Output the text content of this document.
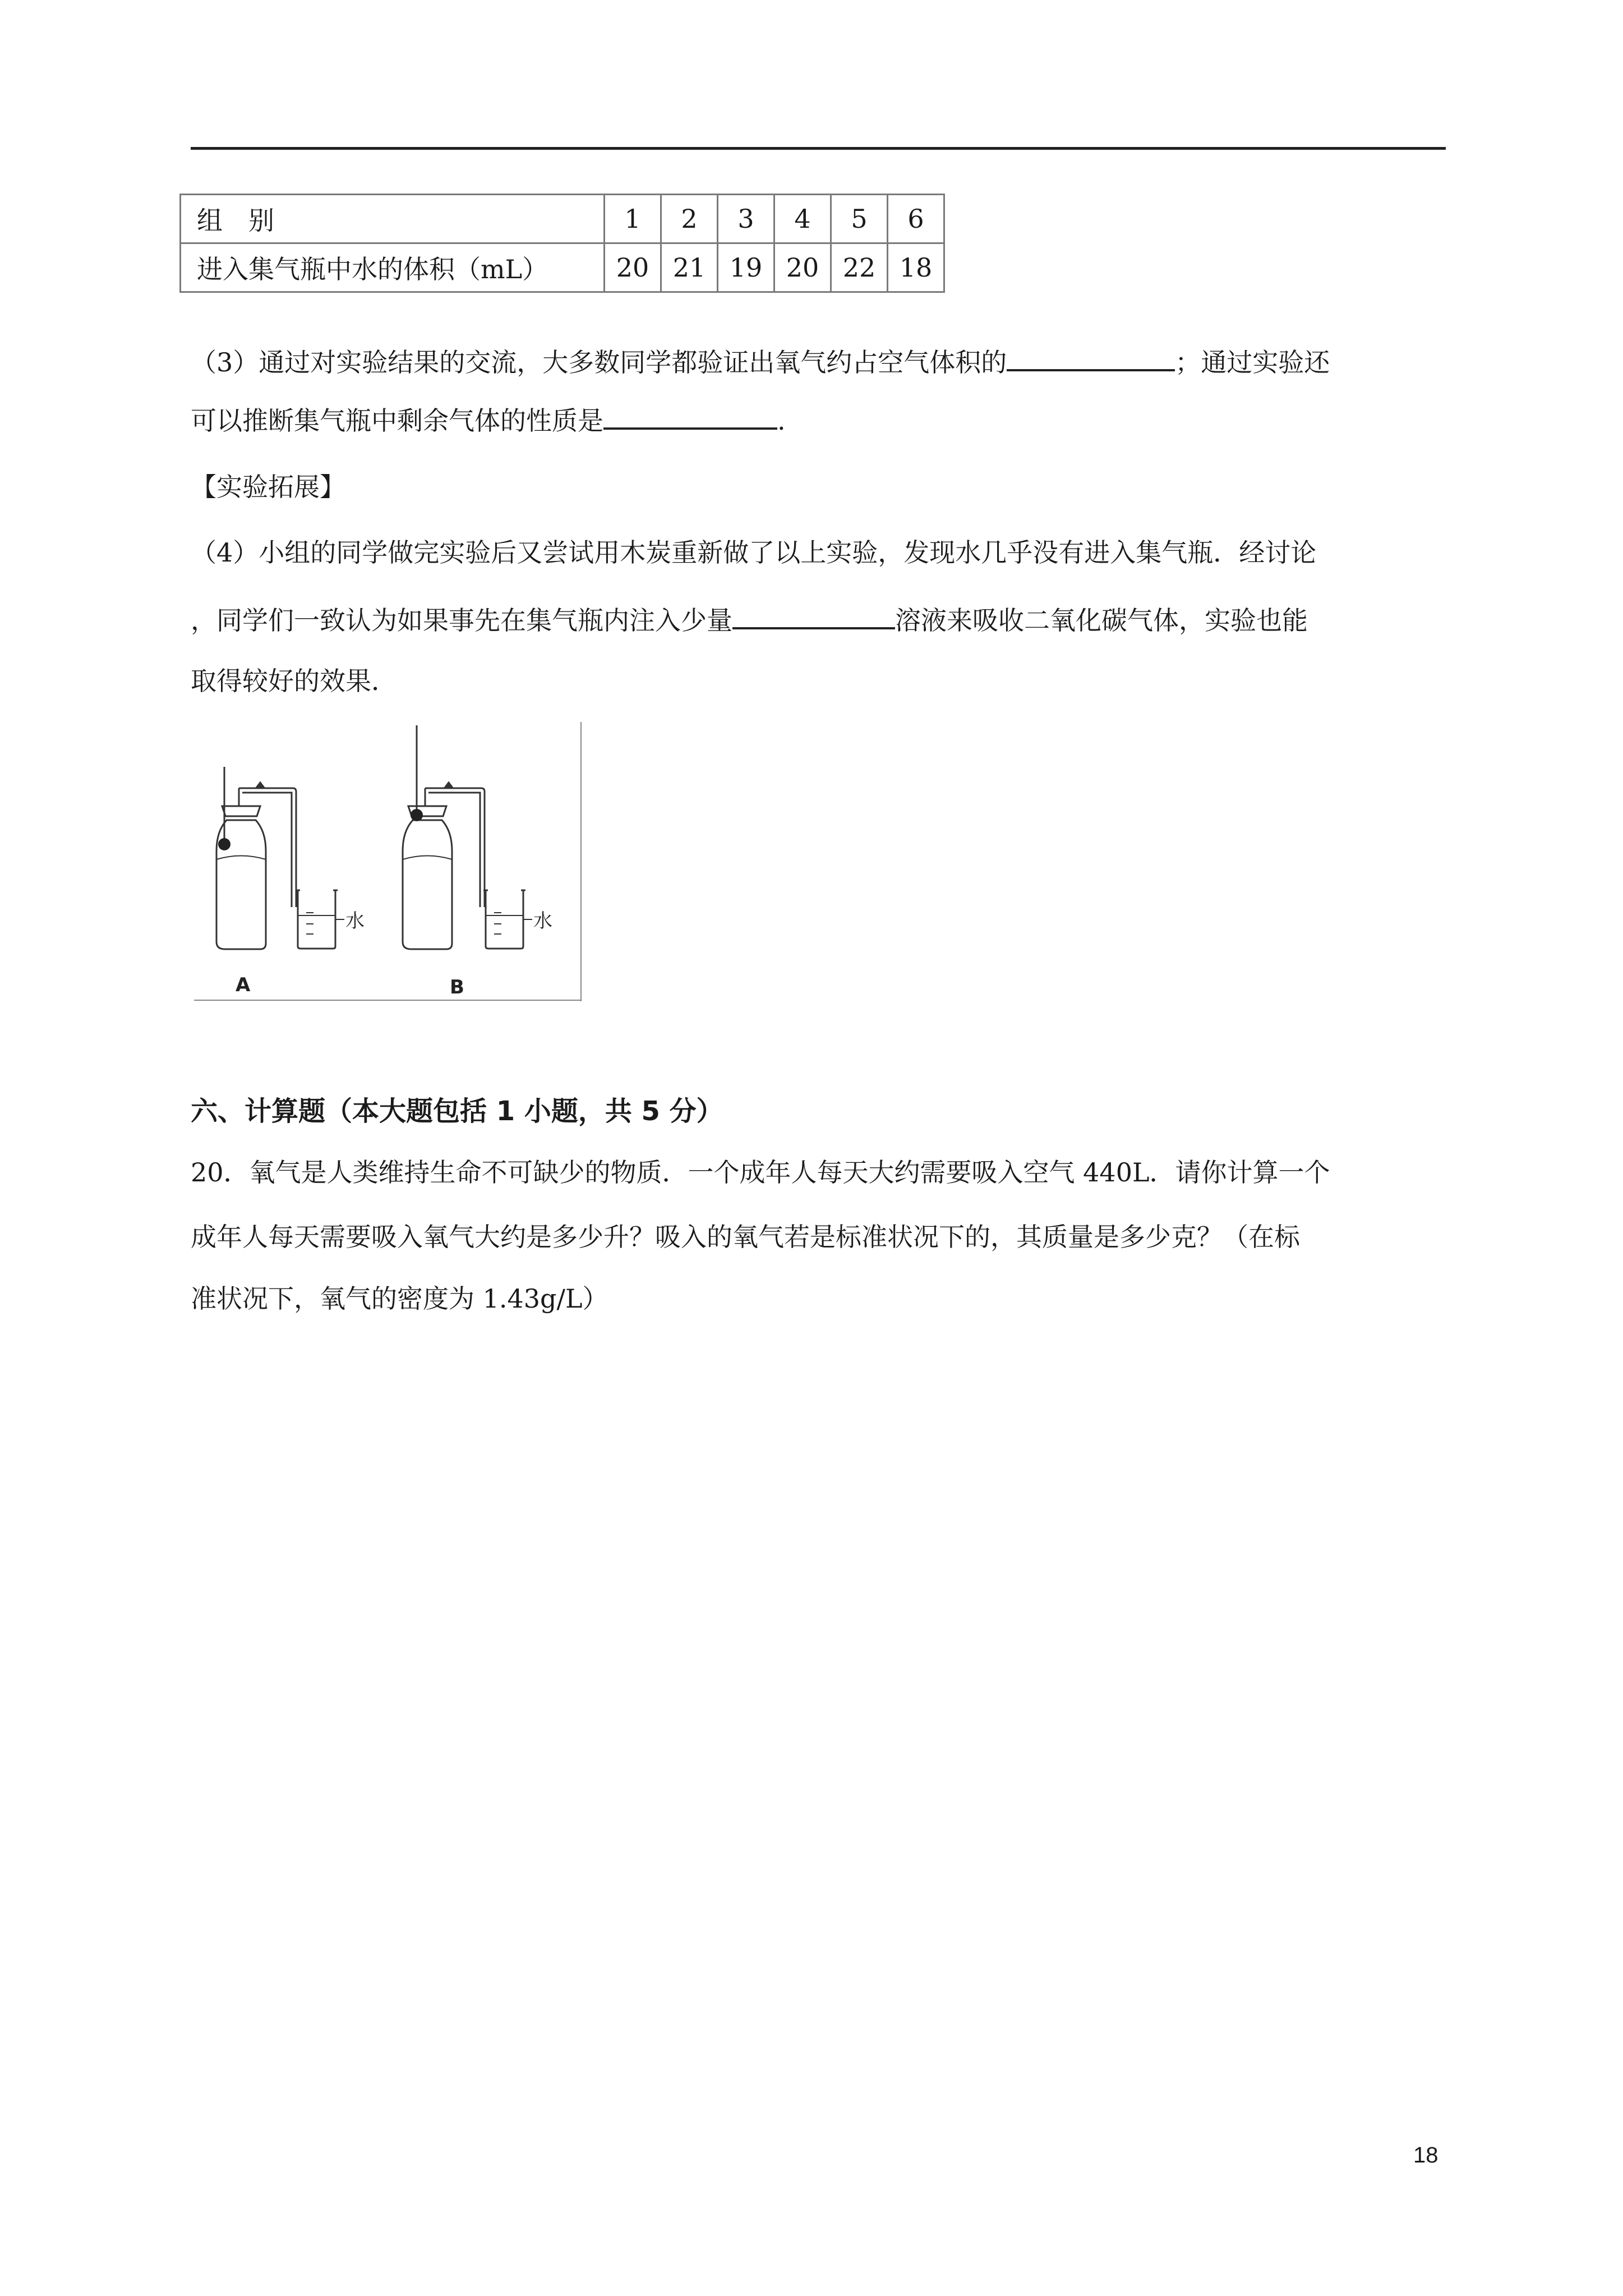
组　别	1	2	3	4	5	6
进入集气瓶中水的体积（mL）	20	21	19	20	22	18
（3）通过对实验结果的交流，大多数同学都验证出氧气约占空气体积的	；通过实验还
可以推断集气瓶中剩余气体的性质是	.
【实验拓展】
（4）小组的同学做完实验后又尝试用木炭重新做了以上实验，发现水几乎没有进入集气瓶．经讨论
，同学们一致认为如果事先在集气瓶内注入少量	溶液来吸收二氧化碳气体，实验也能
取得较好的效果．
水	水
A	B
六、计算题（本大题包括 1 小题，共 5 分）
20．氧气是人类维持生命不可缺少的物质．一个成年人每天大约需要吸入空气 440L．请你计算一个
成年人每天需要吸入氧气大约是多少升？吸入的氧气若是标准状况下的，其质量是多少克？（在标
准状况下，氧气的密度为 1.43g/L）
18
